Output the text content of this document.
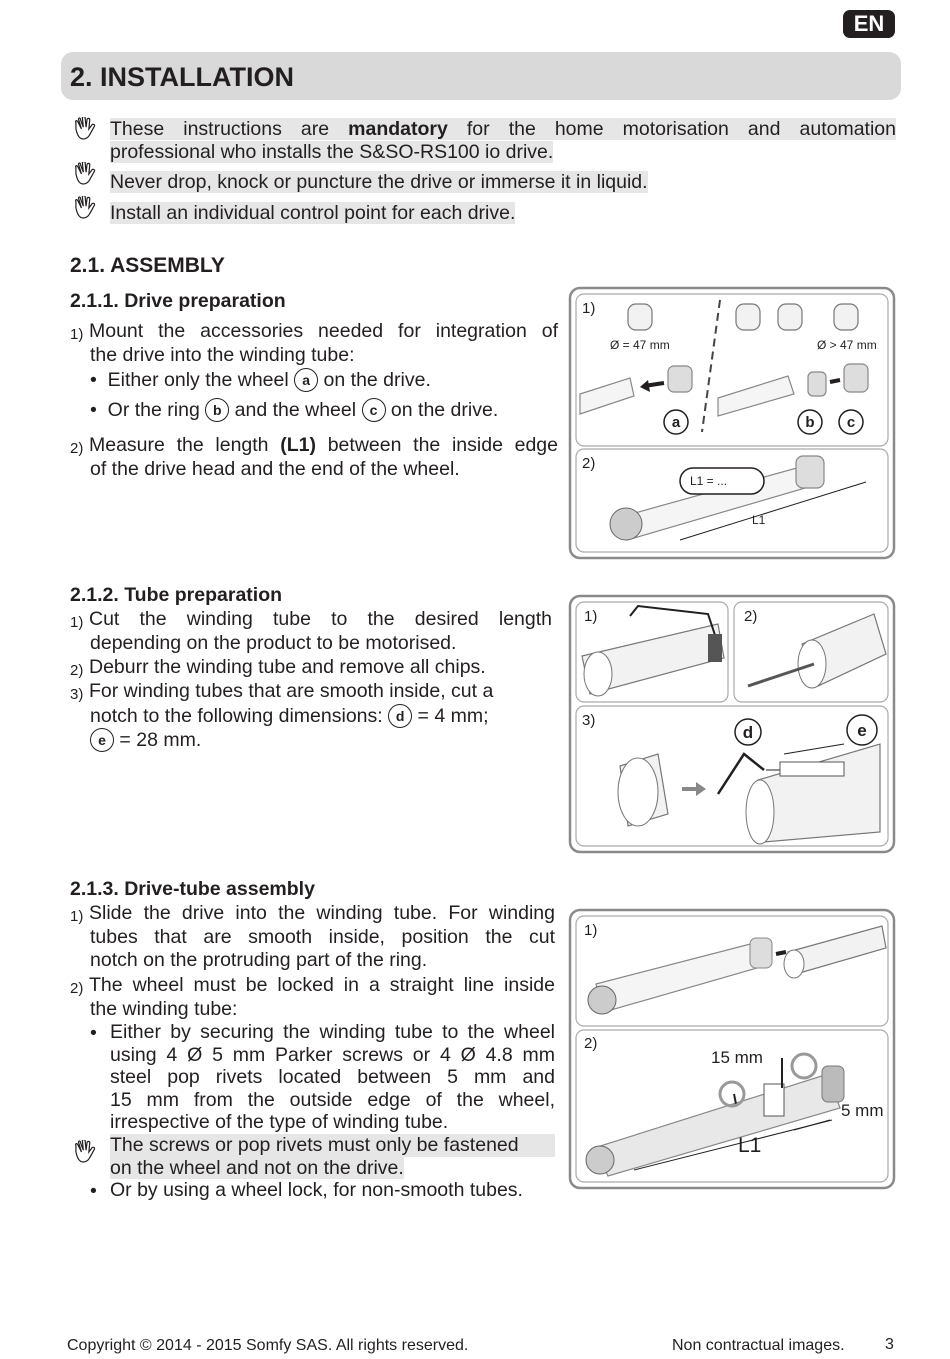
EN
2. INSTALLATION
These instructions are mandatory for the home motorisation and automation
professional who installs the S&SO-RS100 io drive.
Never drop, knock or puncture the drive or immerse it in liquid.
Install an individual control point for each drive.
2.1. ASSEMBLY
2.1.1. Drive preparation
1) Mount the accessories needed for integration of
the drive into the winding tube:
• Either only the wheel a on the drive.
• Or the ring b and the wheel c on the drive.
2) Measure the length (L1) between the inside edge
of the drive head and the end of the wheel.
1)
2)
Ø = 47 mm	Ø > 47 mm
a	b c
L1 = ...
L1
2.1.2. Tube preparation
1) Cut the winding tube to the desired length
depending on the product to be motorised.
2) Deburr the winding tube and remove all chips.
3) For winding tubes that are smooth inside, cut a
notch to the following dimensions: d = 4 mm;
e = 28 mm.
1)	2)
3)
d	e
2.1.3. Drive-tube assembly
1) Slide the drive into the winding tube. For winding
tubes that are smooth inside, position the cut
notch on the protruding part of the ring.
2) The wheel must be locked in a straight line inside
the winding tube:
• Either by securing the winding tube to the wheel
using 4 Ø 5 mm Parker screws or 4 Ø 4.8 mm
steel pop rivets located between 5 mm and
15 mm from the outside edge of the wheel,
irrespective of the type of winding tube.
The screws or pop rivets must only be fastened
on the wheel and not on the drive.
• Or by using a wheel lock, for non-smooth tubes.
1)
2)
15 mm
5 mm
L1
Copyright © 2014 - 2015 Somfy SAS. All rights reserved.	Non contractual images.	3
